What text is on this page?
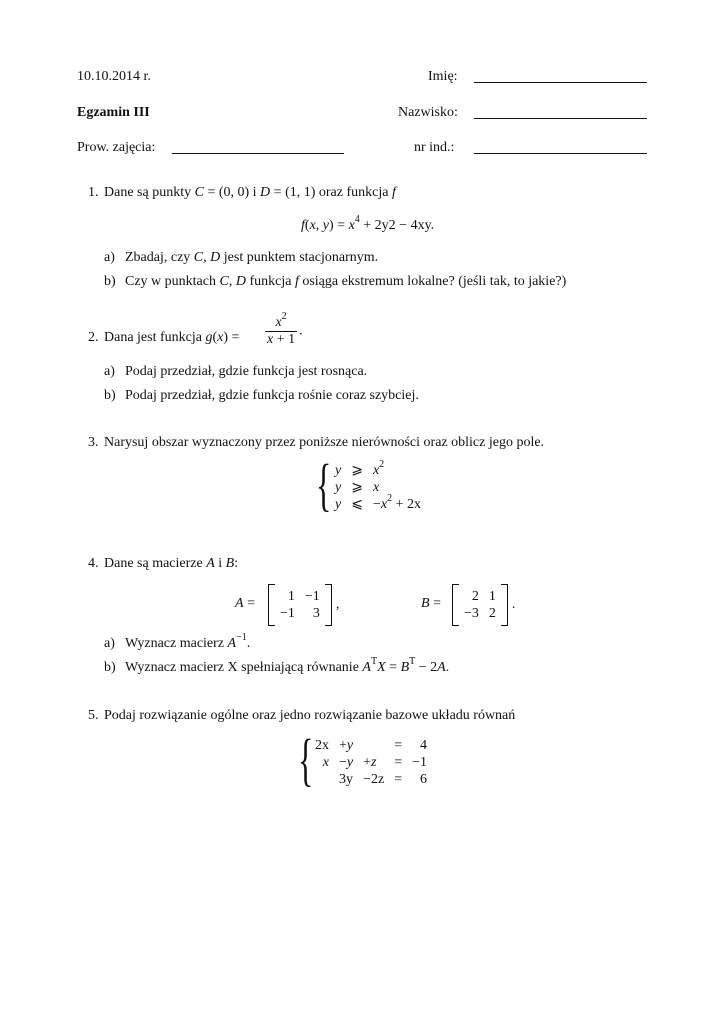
10.10.2014 r.	Imię:
Egzamin III	Nazwisko:
Prow. zajęcia:	nr ind.:
1. Dane są punkty C = (0, 0) i D = (1, 1) oraz funkcja f
f(x, $y) = x^4 + 2y2 - 4xy$.
a) Zbadaj, czy C, D jest punktem stacjonarnym.
b) Czy w punktach C, D funkcja f osiąga ekstremum lokalne? (jeśli tak, to jakie?)
2. Dana jest funkcja $g(x) = \frac{x^2}{x + 1}$ .
a) Podaj przedział, gdzie funkcja jest rosnąca.
b) Podaj przedział, gdzie funkcja rośnie coraz szybciej.
3. Narysuj obszar wyznaczony przez poniższe nierówności oraz oblicz jego pole.
{ y	⩾	$x^2$
y	⩾	x
y	⩽	$-x^2 + 2x$
4. Dane są macierze A i B:
A = 1	−1
−1	3
,	B = 2	1
−3	2
.
a) Wyznacz macierz $A^{-1}$.
b) Wyznacz macierz X spełniającą równanie $A^TX = B^T - 2A$.
5. Podaj rozwiązanie ogólne oraz jedno rozwiązanie bazowe układu równań
{ 2x	+y		=	4
x	−y	+z	=	−1
	3y	−2z	=	6
